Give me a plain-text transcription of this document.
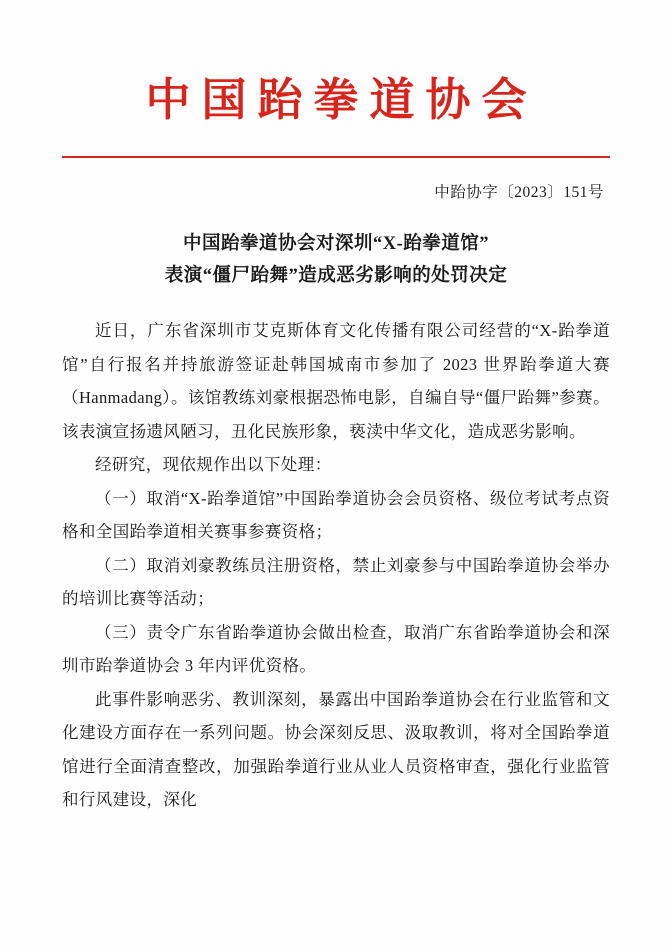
中国跆拳道协会
中跆协字〔2023〕151号
中国跆拳道协会对深圳“X-跆拳道馆”
表演“僵尸跆舞”造成恶劣影响的处罚决定

近日，广东省深圳市艾克斯体育文化传播有限公司经营的“X-跆拳道馆”自行报名并持旅游签证赴韩国城南市参加了 2023 世界跆拳道大赛（Hanmadang）。该馆教练刘豪根据恐怖电影，自编自导“僵尸跆舞”参赛。该表演宣扬遗风陋习，丑化民族形象，亵渎中华文化，造成恶劣影响。

经研究，现依规作出以下处理：

（一）取消“X-跆拳道馆”中国跆拳道协会会员资格、级位考试考点资格和全国跆拳道相关赛事参赛资格；

（二）取消刘豪教练员注册资格，禁止刘豪参与中国跆拳道协会举办的培训比赛等活动；

（三）责令广东省跆拳道协会做出检查，取消广东省跆拳道协会和深圳市跆拳道协会 3 年内评优资格。

此事件影响恶劣、教训深刻，暴露出中国跆拳道协会在行业监管和文化建设方面存在一系列问题。协会深刻反思、汲取教训，将对全国跆拳道馆进行全面清查整改，加强跆拳道行业从业人员资格审查，强化行业监管和行风建设，深化
